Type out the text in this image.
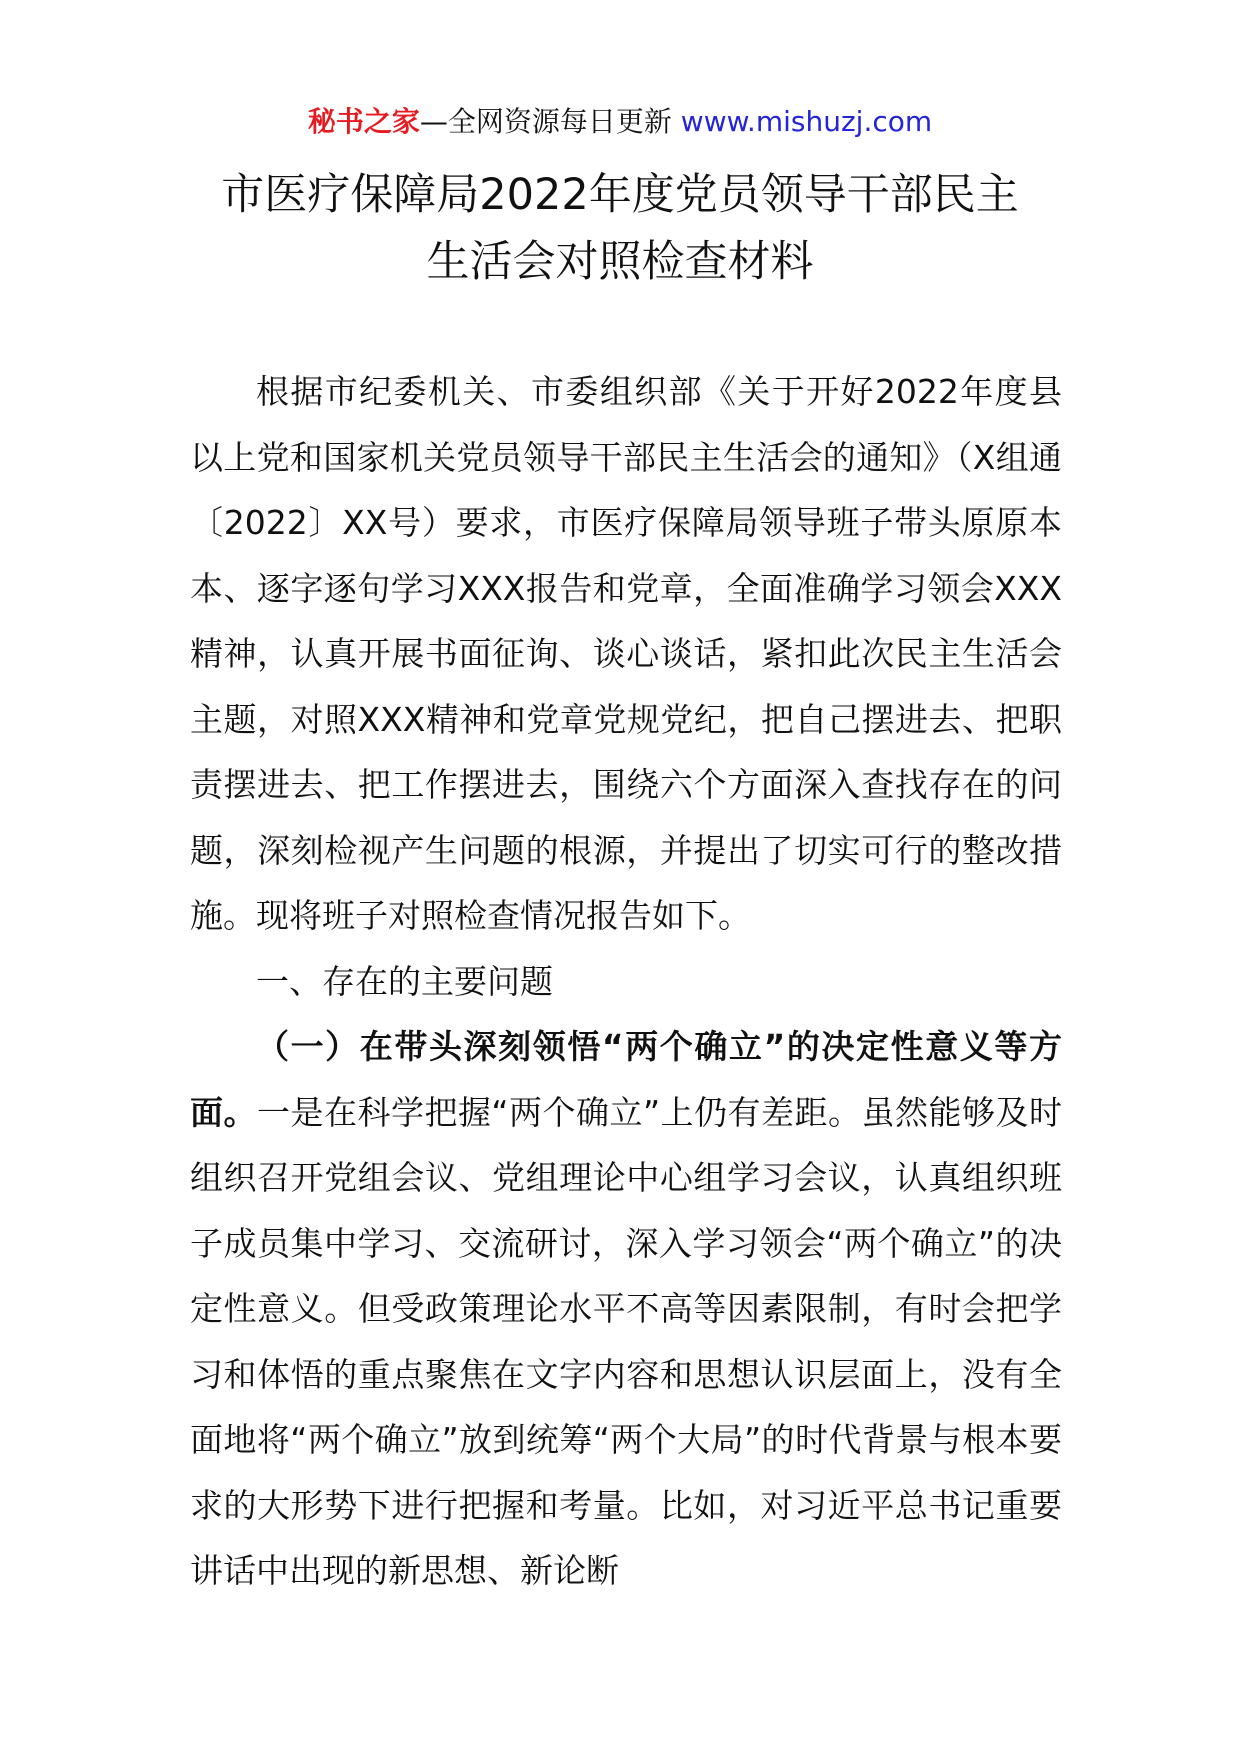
秘书之家—全网资源每日更新 www.mishuzj.com
市医疗保障局2022年度党员领导干部民主
生活会对照检查材料

根据市纪委机关、市委组织部《关于开好2022年度县以上党和国家机关党员领导干部民主生活会的通知》（X组通〔2022〕XX号）要求，市医疗保障局领导班子带头原原本本、逐字逐句学习XXX报告和党章，全面准确学习领会XXX精神，认真开展书面征询、谈心谈话，紧扣此次民主生活会主题，对照XXX精神和党章党规党纪，把自己摆进去、把职责摆进去、把工作摆进去，围绕六个方面深入查找存在的问题，深刻检视产生问题的根源，并提出了切实可行的整改措施。现将班子对照检查情况报告如下。

一、存在的主要问题

（一）在带头深刻领悟“两个确立”的决定性意义等方面。一是在科学把握“两个确立”上仍有差距。虽然能够及时组织召开党组会议、党组理论中心组学习会议，认真组织班子成员集中学习、交流研讨，深入学习领会“两个确立”的决定性意义。但受政策理论水平不高等因素限制，有时会把学习和体悟的重点聚焦在文字内容和思想认识层面上，没有全面地将“两个确立”放到统筹“两个大局”的时代背景与根本要求的大形势下进行把握和考量。比如，对习近平总书记重要讲话中出现的新思想、新论断
